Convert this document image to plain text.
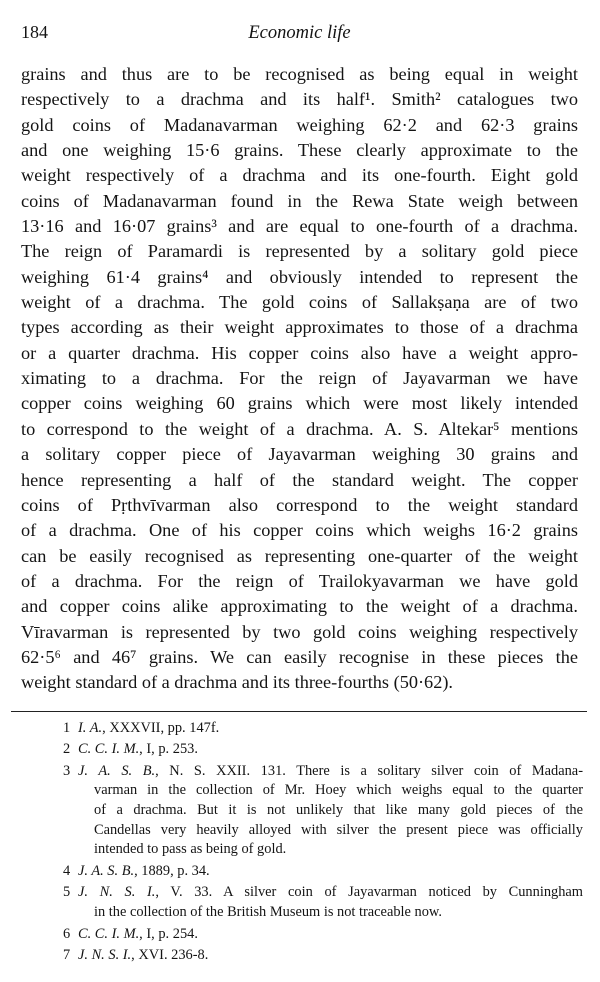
184	Economic life
grains and thus are to be recognised as being equal in weight
respectively to a drachma and its half¹. Smith² catalogues two
gold coins of Madanavarman weighing 62·2 and 62·3 grains
and one weighing 15·6 grains. These clearly approximate to the
weight respectively of a drachma and its one-fourth. Eight gold
coins of Madanavarman found in the Rewa State weigh between
13·16 and 16·07 grains³ and are equal to one-fourth of a drachma.
The reign of Paramardi is represented by a solitary gold piece
weighing 61·4 grains⁴ and obviously intended to represent the
weight of a drachma. The gold coins of Sallakṣaṇa are of two
types according as their weight approximates to those of a drachma
or a quarter drachma. His copper coins also have a weight appro-
ximating to a drachma. For the reign of Jayavarman we have
copper coins weighing 60 grains which were most likely intended
to correspond to the weight of a drachma. A. S. Altekar⁵ mentions
a solitary copper piece of Jayavarman weighing 30 grains and
hence representing a half of the standard weight. The copper
coins of Pṛthvīvarman also correspond to the weight standard
of a drachma. One of his copper coins which weighs 16·2 grains
can be easily recognised as representing one-quarter of the weight
of a drachma. For the reign of Trailokyavarman we have gold
and copper coins alike approximating to the weight of a drachma.
Vīravarman is represented by two gold coins weighing respectively
62·5⁶ and 46⁷ grains. We can easily recognise in these pieces the
weight standard of a drachma and its three-fourths (50·62).
1 I. A., XXXVII, pp. 147f.
2 C. C. I. M., I, p. 253.
3 J. A. S. B., N. S. XXII. 131. There is a solitary silver coin of Madana-
varman in the collection of Mr. Hoey which weighs equal to the quarter
of a drachma. But it is not unlikely that like many gold pieces of the
Candellas very heavily alloyed with silver the present piece was officially
intended to pass as being of gold.
4 J. A. S. B., 1889, p. 34.
5 J. N. S. I., V. 33. A silver coin of Jayavarman noticed by Cunningham
in the collection of the British Museum is not traceable now.
6 C. C. I. M., I, p. 254.
7 J. N. S. I., XVI. 236-8.
